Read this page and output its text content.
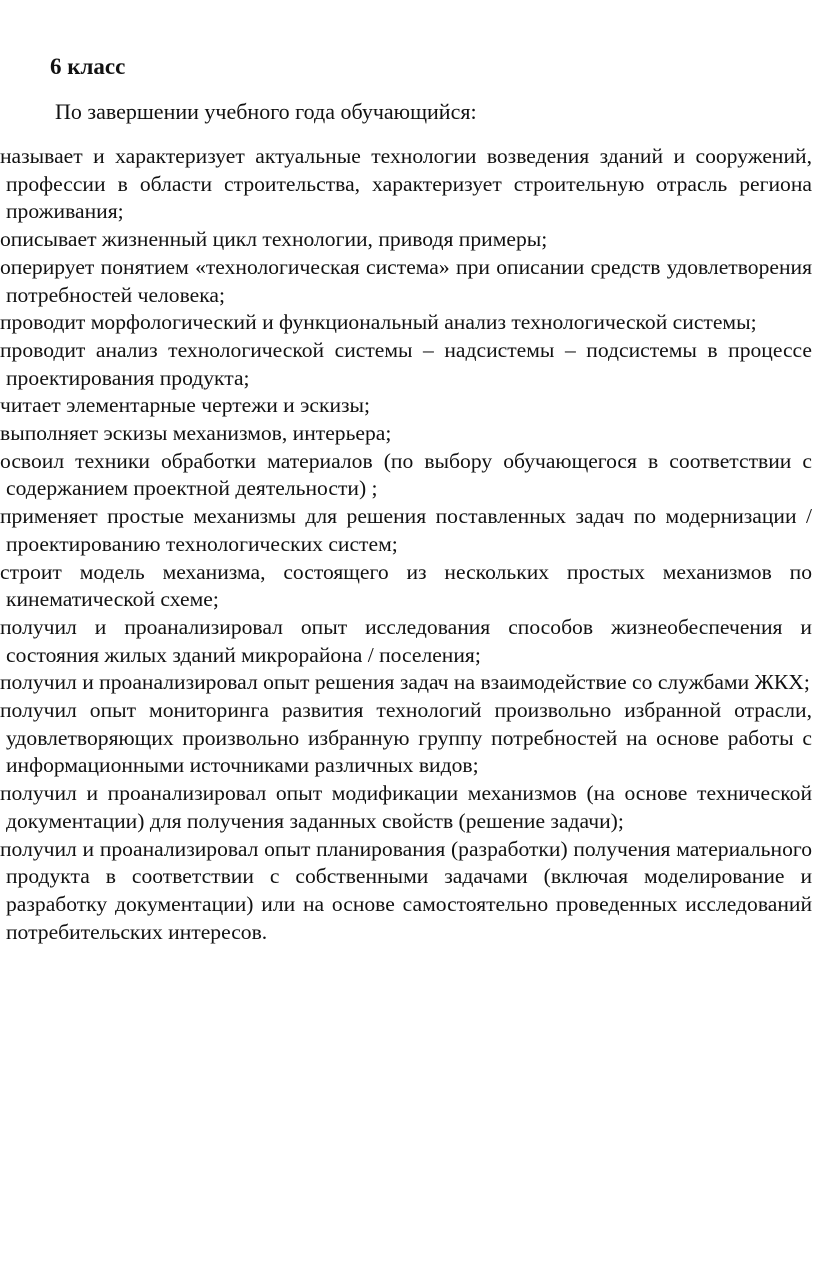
6 класс

По завершении учебного года обучающийся:

называет и характеризует актуальные технологии возведения зданий и сооружений, профессии в области строительства, характеризует строительную отрасль региона проживания;
описывает жизненный цикл технологии, приводя примеры;
оперирует понятием «технологическая система» при описании средств удовлетворения потребностей человека;
проводит морфологический и функциональный анализ технологической системы;
проводит анализ технологической системы – надсистемы – подсистемы в процессе проектирования продукта;
читает элементарные чертежи и эскизы;
выполняет эскизы механизмов, интерьера;
освоил техники обработки материалов (по выбору обучающегося в соответствии с содержанием проектной деятельности) ;
применяет простые механизмы для решения поставленных задач по модернизации / проектированию технологических систем;
строит модель механизма, состоящего из нескольких простых механизмов по кинематической схеме;
получил и проанализировал опыт исследования способов жизнеобеспечения и состояния жилых зданий микрорайона / поселения;
получил и проанализировал опыт решения задач на взаимодействие со службами ЖКХ;
получил опыт мониторинга развития технологий произвольно избранной отрасли, удовлетворяющих произвольно избранную группу потребностей на основе работы с информационными источниками различных видов;
получил и проанализировал опыт модификации механизмов (на основе технической документации) для получения заданных свойств (решение задачи);
получил и проанализировал опыт планирования (разработки) получения материального продукта в соответствии с собственными задачами (включая моделирование и разработку документации) или на основе самостоятельно проведенных исследований потребительских интересов.
